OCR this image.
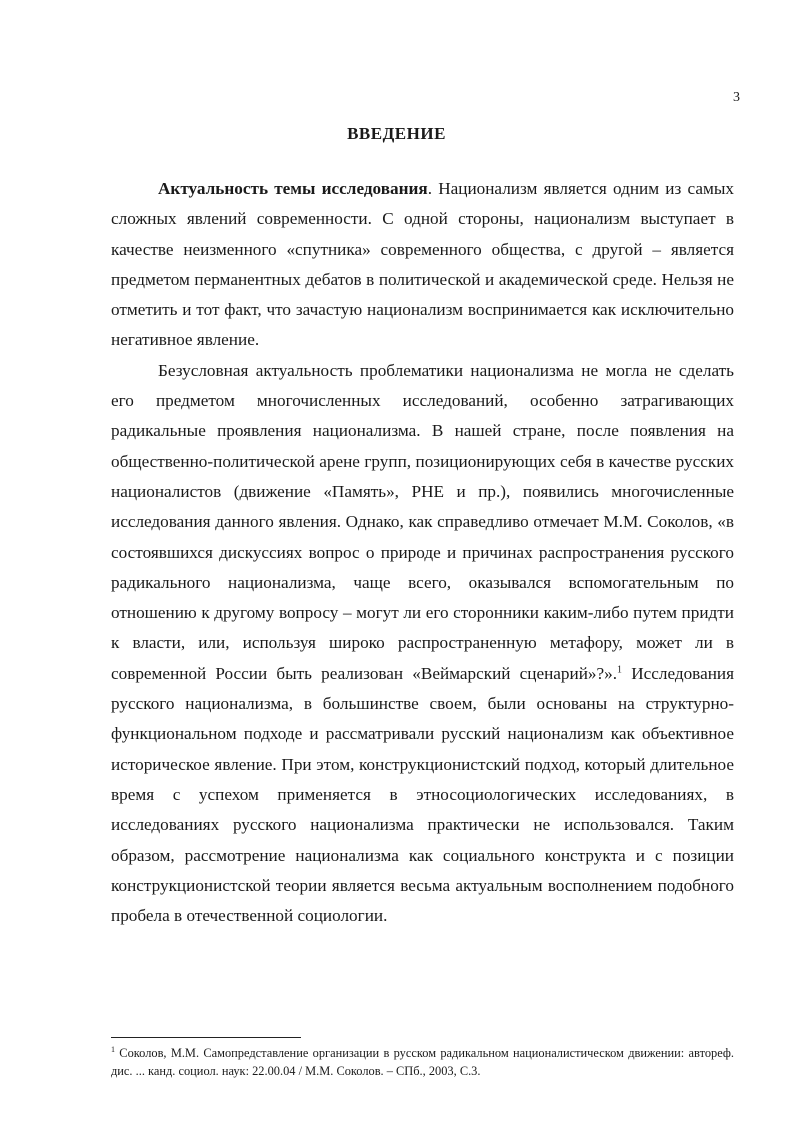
3
ВВЕДЕНИЕ

Актуальность темы исследования. Национализм является одним из самых сложных явлений современности. С одной стороны, национализм выступает в качестве неизменного «спутника» современного общества, с другой – является предметом перманентных дебатов в политической и академической среде. Нельзя не отметить и тот факт, что зачастую национализм воспринимается как исключительно негативное явление.

Безусловная актуальность проблематики национализма не могла не сделать его предметом многочисленных исследований, особенно затрагивающих радикальные проявления национализма. В нашей стране, после появления на общественно-политической арене групп, позиционирующих себя в качестве русских националистов (движение «Память», РНЕ и пр.), появились многочисленные исследования данного явления. Однако, как справедливо отмечает М.М. Соколов, «в состоявшихся дискуссиях вопрос о природе и причинах распространения русского радикального национализма, чаще всего, оказывался вспомогательным по отношению к другому вопросу – могут ли его сторонники каким-либо путем придти к власти, или, используя широко распространенную метафору, может ли в современной России быть реализован «Веймарский сценарий»?».$^1$ Исследования русского национализма, в большинстве своем, были основаны на структурно-функциональном подходе и рассматривали русский национализм как объективное историческое явление. При этом, конструкционистский подход, который длительное время с успехом применяется в этносоциологических исследованиях, в исследованиях русского национализма практически не использовался. Таким образом, рассмотрение национализма как социального конструкта и с позиции конструкционистской теории является весьма актуальным восполнением подобного пробела в отечественной социологии.

$^1$ Соколов, М.М. Самопредставление организации в русском радикальном националистическом движении: автореф. дис. ... канд. социол. наук: 22.00.04 / М.М. Соколов. – СПб., 2003, С.3.
